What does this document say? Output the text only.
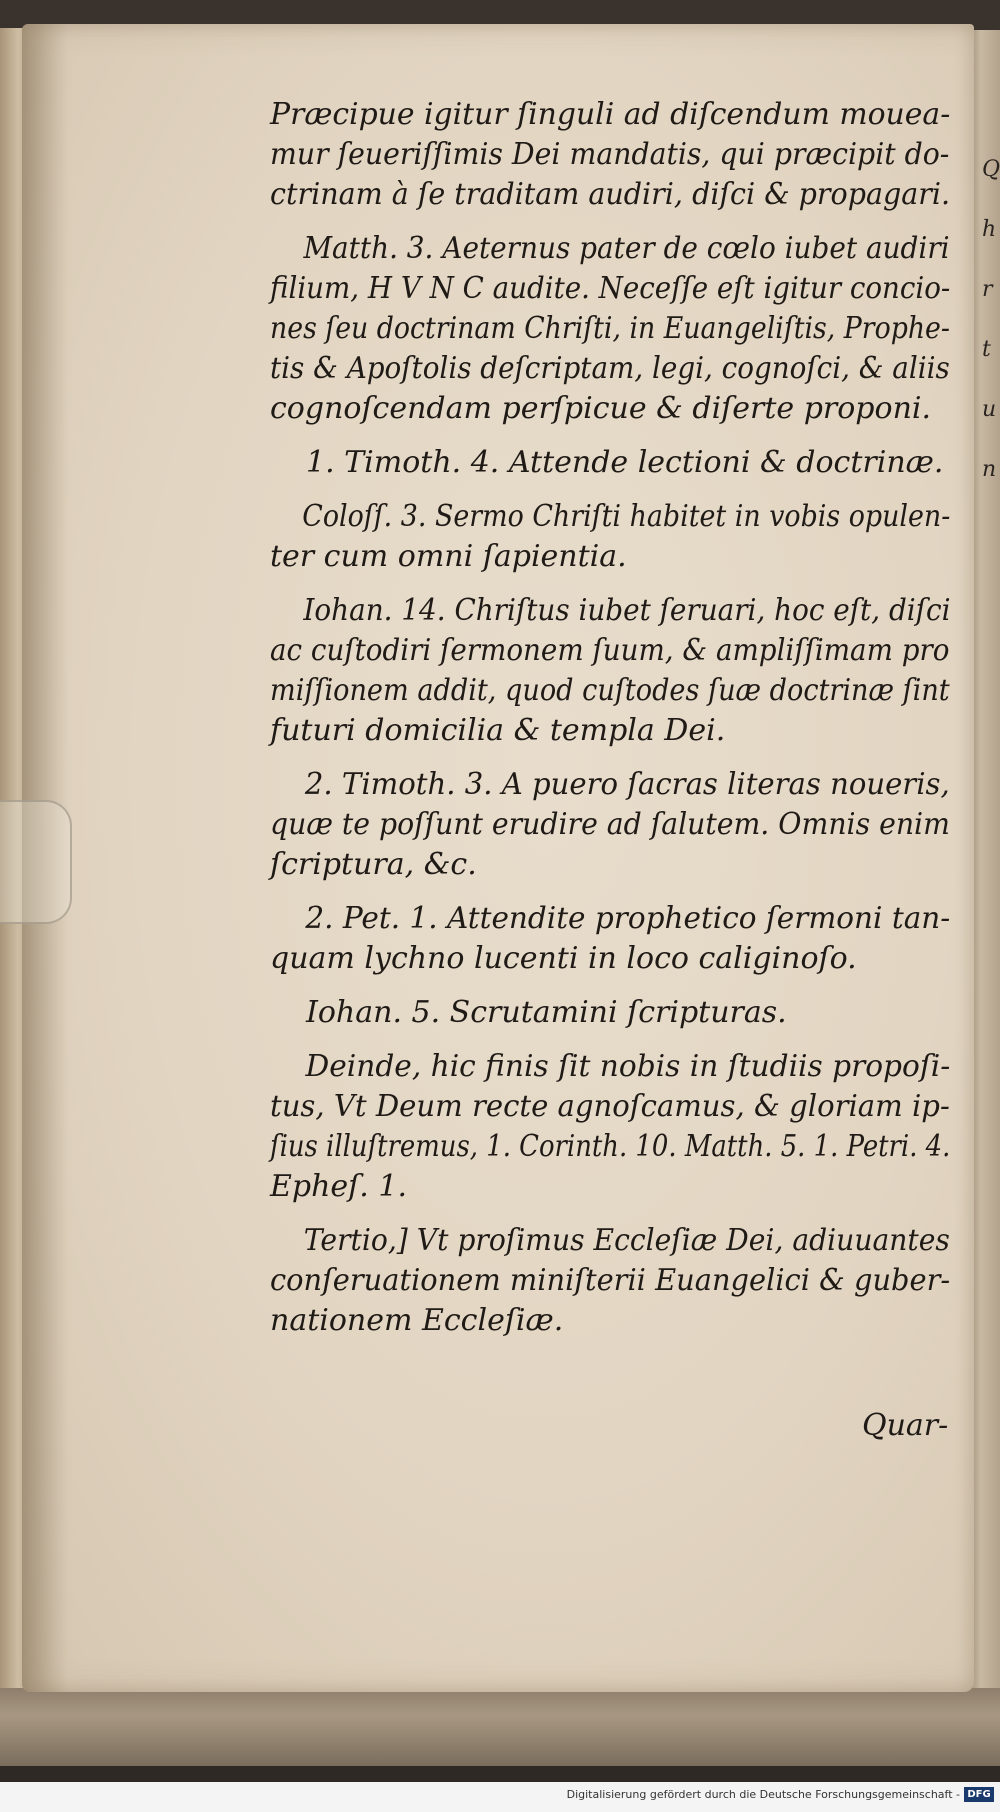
Præcipue igitur ſinguli ad diſcendum mouea-
mur ſeueriſſimis Dei mandatis, qui præcipit do-
ctrinam à ſe traditam audiri, diſci & propagari.
Matth. 3. Aeternus pater de cœlo iubet audiri
filium, H V N C audite. Neceſſe eſt igitur concio-
nes ſeu doctrinam Chriſti, in Euangeliſtis, Prophe-
tis & Apoſtolis deſcriptam, legi, cognoſci, & aliis
cognoſcendam perſpicue & diſerte proponi.
1. Timoth. 4. Attende lectioni & doctrinæ.
Coloſſ. 3. Sermo Chriſti habitet in vobis opulen-
ter cum omni ſapientia.
Iohan. 14. Chriſtus iubet ſeruari, hoc eſt, diſci
ac cuſtodiri ſermonem ſuum, & ampliſſimam pro
miſſionem addit, quod cuſtodes ſuæ doctrinæ ſint
futuri domicilia & templa Dei.
2. Timoth. 3. A puero ſacras literas noueris,
quæ te poſſunt erudire ad ſalutem. Omnis enim
ſcriptura, &c.
2. Pet. 1. Attendite prophetico ſermoni tan-
quam lychno lucenti in loco caliginoſo.
Iohan. 5. Scrutamini ſcripturas.
Deinde, hic finis ſit nobis in ſtudiis propoſi-
tus, Vt Deum recte agnoſcamus, & gloriam ip-
ſius illuſtremus, 1. Corinth. 10. Matth. 5. 1. Petri. 4.
Epheſ. 1.
Tertio,] Vt proſimus Eccleſiæ Dei, adiuuantes
conſeruationem miniſterii Euangelici & guber-
nationem Eccleſiæ.
Quar-
Q
h
r
t
u
n
Digitalisierung gefördert durch die Deutsche Forschungsgemeinschaft - DFG
